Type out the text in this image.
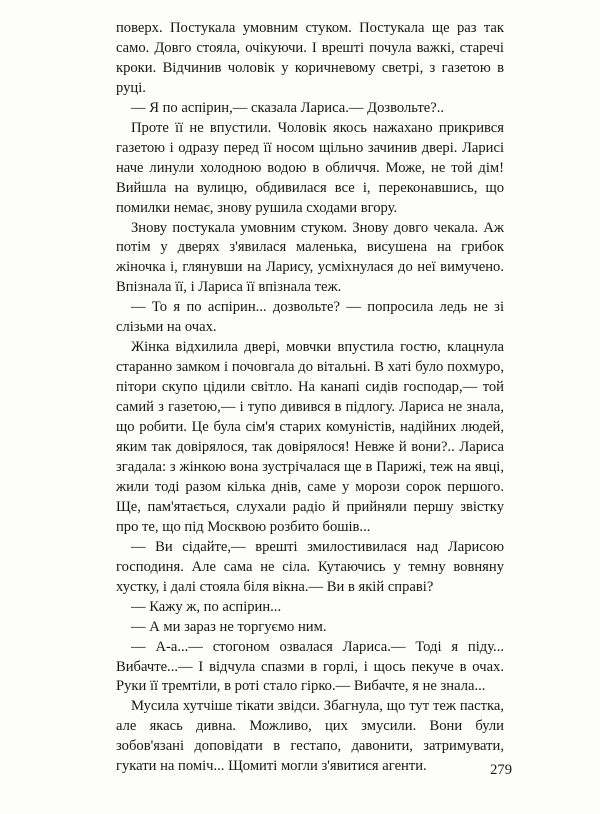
поверх. Постукала умовним стуком. Постукала ще раз так само. Довго стояла, очікуючи. І врешті почула важкі, старечі кроки. Відчинив чоловік у коричневому светрі, з газетою в руці.

— Я по аспірин,— сказала Лариса.— Дозвольте?..

Проте її не впустили. Чоловік якось нажахано прикрився газетою і одразу перед її носом щільно зачинив двері. Ларисі наче линули холодною водою в обличчя. Може, не той дім! Вийшла на вулицю, обдивилася все і, переконавшись, що помилки немає, знову рушила сходами вгору.

Знову постукала умовним стуком. Знову довго чекала. Аж потім у дверях з'явилася маленька, висушена на грибок жіночка і, глянувши на Ларису, усміхнулася до неї вимучено. Впізнала її, і Лариса її впізнала теж.

— То я по аспірин... дозвольте? — попросила ледь не зі слізьми на очах.

Жінка відхилила двері, мовчки впустила гостю, клацнула старанно замком і почовгала до вітальні. В хаті було похмуро, пітори скупо цідили світло. На канапі сидів господар,— той самий з газетою,— і тупо дивився в підлогу. Лариса не знала, що робити. Це була сім'я старих комуністів, надійних людей, яким так довірялося, так довірялося! Невже й вони?.. Лариса згадала: з жінкою вона зустрічалася ще в Парижі, теж на явці, жили тоді разом кілька днів, саме у морози сорок першого. Ще, пам'ятається, слухали радіо й прийняли першу звістку про те, що під Москвою розбито бошів...

— Ви сідайте,— врешті змилостивилася над Ларисою господиня. Але сама не сіла. Кутаючись у темну вовняну хустку, і далі стояла біля вікна.— Ви в якій справі?

— Кажу ж, по аспірин...

— А ми зараз не торгуємо ним.

— А-а...— стогоном озвалася Лариса.— Тоді я піду... Вибачте...— І відчула спазми в горлі, і щось пекуче в очах. Руки її тремтіли, в роті стало гірко.— Вибачте, я не знала...

Мусила хутчіше тікати звідси. Збагнула, що тут теж пастка, але якась дивна. Можливо, цих змусили. Вони були зобов'язані доповідати в гестапо, давонити, затримувати, гукати на поміч... Щомиті могли з'явитися агенти.	279
